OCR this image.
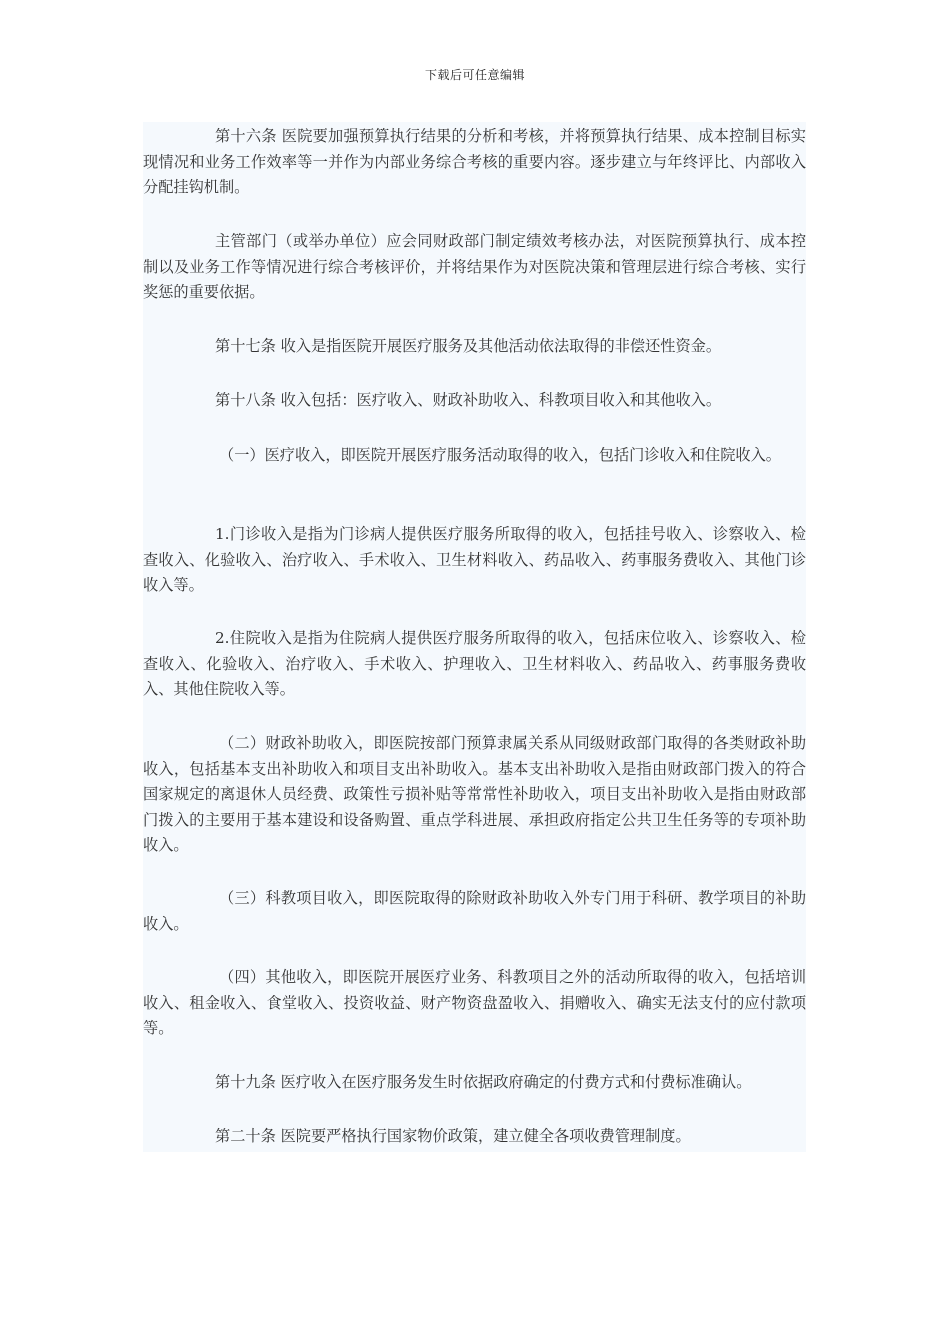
下载后可任意编辑

第十六条 医院要加强预算执行结果的分析和考核，并将预算执行结果、成本控制目标实现情况和业务工作效率等一并作为内部业务综合考核的重要内容。逐步建立与年终评比、内部收入分配挂钩机制。

主管部门（或举办单位）应会同财政部门制定绩效考核办法，对医院预算执行、成本控制以及业务工作等情况进行综合考核评价，并将结果作为对医院决策和管理层进行综合考核、实行奖惩的重要依据。

第十七条 收入是指医院开展医疗服务及其他活动依法取得的非偿还性资金。

第十八条 收入包括：医疗收入、财政补助收入、科教项目收入和其他收入。

（一）医疗收入，即医院开展医疗服务活动取得的收入，包括门诊收入和住院收入。

1.门诊收入是指为门诊病人提供医疗服务所取得的收入，包括挂号收入、诊察收入、检查收入、化验收入、治疗收入、手术收入、卫生材料收入、药品收入、药事服务费收入、其他门诊收入等。

2.住院收入是指为住院病人提供医疗服务所取得的收入，包括床位收入、诊察收入、检查收入、化验收入、治疗收入、手术收入、护理收入、卫生材料收入、药品收入、药事服务费收入、其他住院收入等。

（二）财政补助收入，即医院按部门预算隶属关系从同级财政部门取得的各类财政补助收入，包括基本支出补助收入和项目支出补助收入。基本支出补助收入是指由财政部门拨入的符合国家规定的离退休人员经费、政策性亏损补贴等常常性补助收入，项目支出补助收入是指由财政部门拨入的主要用于基本建设和设备购置、重点学科进展、承担政府指定公共卫生任务等的专项补助收入。

（三）科教项目收入，即医院取得的除财政补助收入外专门用于科研、教学项目的补助收入。

（四）其他收入，即医院开展医疗业务、科教项目之外的活动所取得的收入，包括培训收入、租金收入、食堂收入、投资收益、财产物资盘盈收入、捐赠收入、确实无法支付的应付款项等。

第十九条 医疗收入在医疗服务发生时依据政府确定的付费方式和付费标准确认。

第二十条 医院要严格执行国家物价政策，建立健全各项收费管理制度。
